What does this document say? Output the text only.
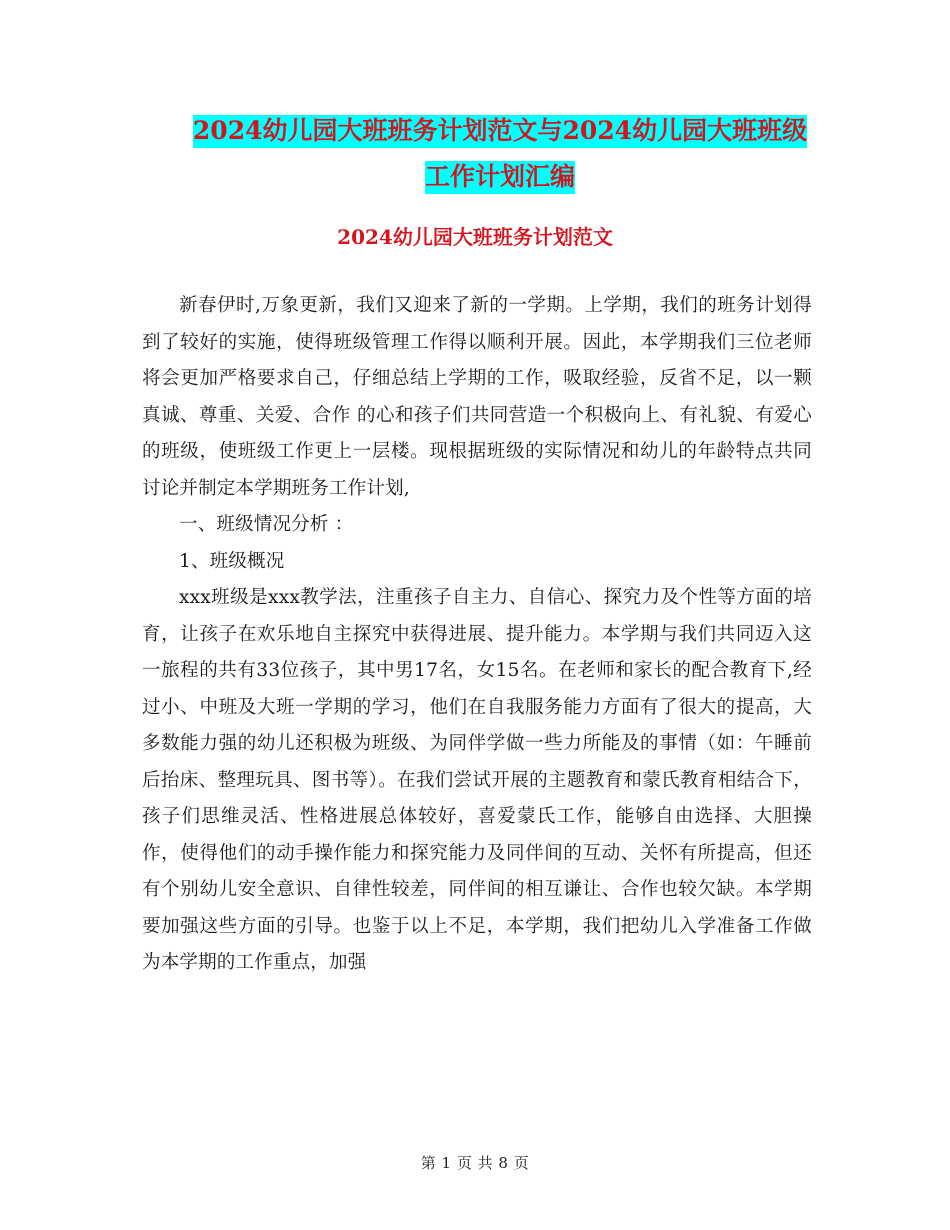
2024幼儿园大班班务计划范文与2024幼儿园大班班级
工作计划汇编
2024幼儿园大班班务计划范文

新春伊时,万象更新，我们又迎来了新的一学期。上学期，我们的班务计划得到了较好的实施，使得班级管理工作得以顺利开展。因此，本学期我们三位老师将会更加严格要求自己，仔细总结上学期的工作，吸取经验，反省不足，以一颗 真诚、尊重、关爱、合作 的心和孩子们共同营造一个积极向上、有礼貌、有爱心的班级，使班级工作更上一层楼。现根据班级的实际情况和幼儿的年龄特点共同讨论并制定本学期班务工作计划,

一、班级情况分析 ：

1、班级概况

xxx班级是xxx教学法，注重孩子自主力、自信心、探究力及个性等方面的培育，让孩子在欢乐地自主探究中获得进展、提升能力。本学期与我们共同迈入这一旅程的共有33位孩子，其中男17名，女15名。在老师和家长的配合教育下,经过小、中班及大班一学期的学习，他们在自我服务能力方面有了很大的提高，大多数能力强的幼儿还积极为班级、为同伴学做一些力所能及的事情（如：午睡前后抬床、整理玩具、图书等）。在我们尝试开展的主题教育和蒙氏教育相结合下，孩子们思维灵活、性格进展总体较好，喜爱蒙氏工作，能够自由选择、大胆操作，使得他们的动手操作能力和探究能力及同伴间的互动、关怀有所提高，但还有个别幼儿安全意识、自律性较差，同伴间的相互谦让、合作也较欠缺。本学期要加强这些方面的引导。也鉴于以上不足，本学期，我们把幼儿入学准备工作做为本学期的工作重点，加强

第 1 页 共 8 页
